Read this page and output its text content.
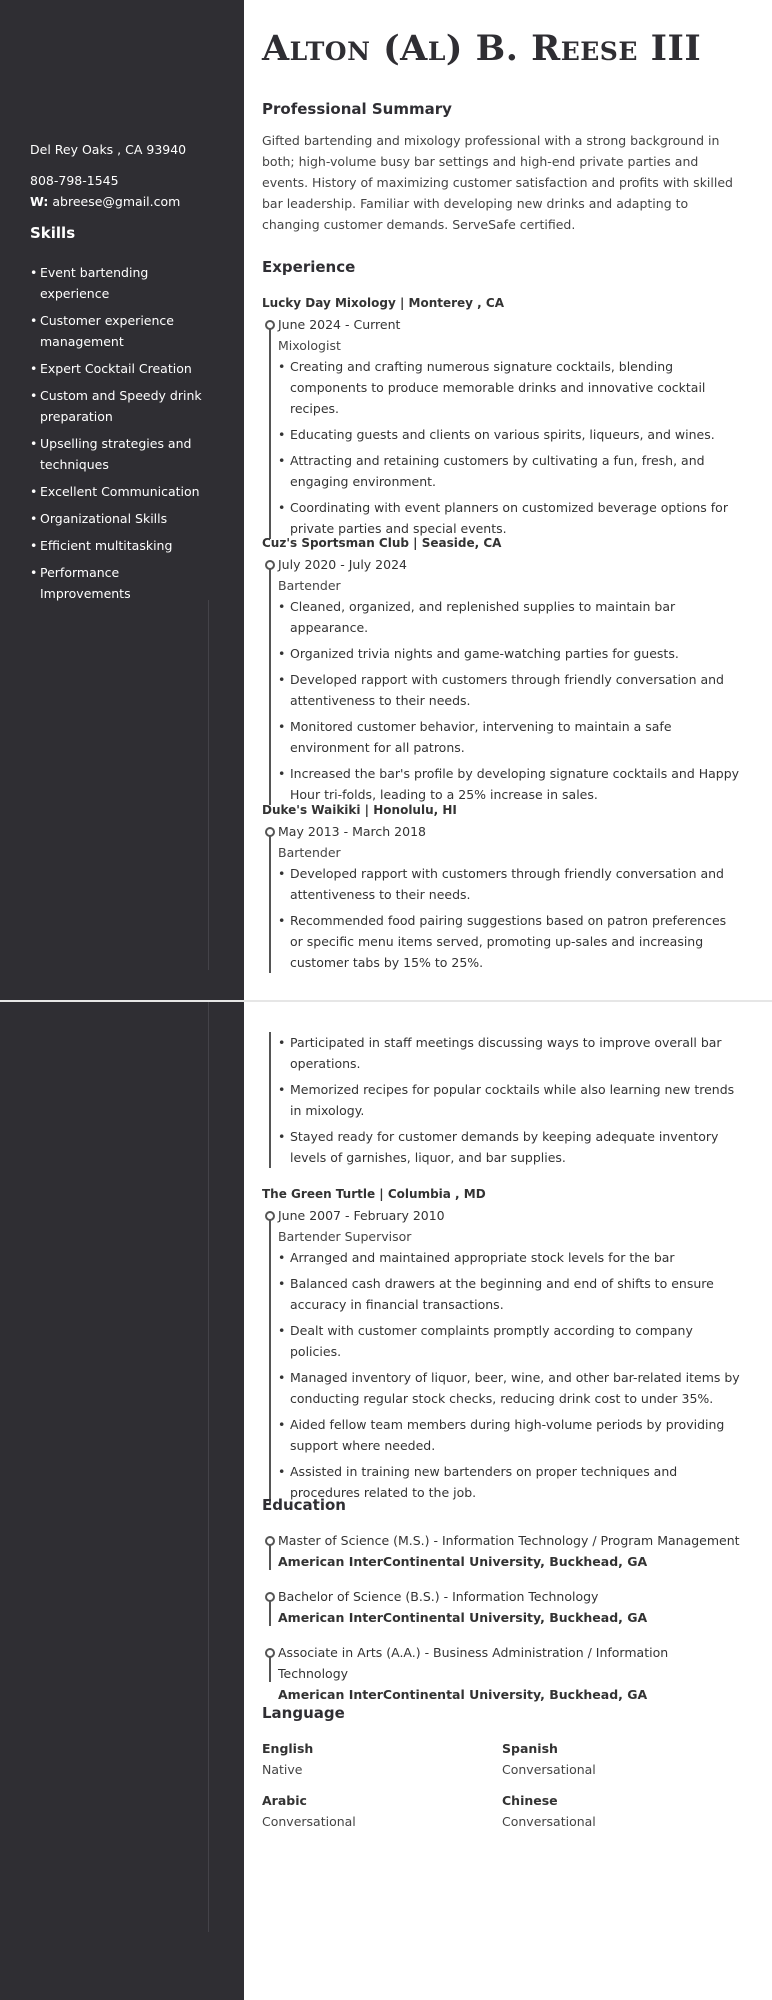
Del Rey Oaks , CA 93940
808-798-1545
W: abreese@gmail.com
Skills
• Event bartending experience
• Customer experience management
• Expert Cocktail Creation
• Custom and Speedy drink preparation
• Upselling strategies and techniques
• Excellent Communication
• Organizational Skills
• Efficient multitasking
• Performance Improvements
Alton (Al) B. Reese III
Professional Summary

Gifted bartending and mixology professional with a strong background in both; high-volume busy bar settings and high-end private parties and events. History of maximizing customer satisfaction and profits with skilled bar leadership. Familiar with developing new drinks and adapting to changing customer demands. ServeSafe certified.

Experience
Lucky Day Mixology | Monterey , CA
June 2024 - Current
Mixologist
• Creating and crafting numerous signature cocktails, blending components to produce memorable drinks and innovative cocktail recipes.
• Educating guests and clients on various spirits, liqueurs, and wines.
• Attracting and retaining customers by cultivating a fun, fresh, and engaging environment.
• Coordinating with event planners on customized beverage options for private parties and special events.
Cuz's Sportsman Club | Seaside, CA
July 2020 - July 2024
Bartender
• Cleaned, organized, and replenished supplies to maintain bar appearance.
• Organized trivia nights and game-watching parties for guests.
• Developed rapport with customers through friendly conversation and attentiveness to their needs.
• Monitored customer behavior, intervening to maintain a safe environment for all patrons.
• Increased the bar's profile by developing signature cocktails and Happy Hour tri-folds, leading to a 25% increase in sales.
Duke's Waikiki | Honolulu, HI
May 2013 - March 2018
Bartender
• Developed rapport with customers through friendly conversation and attentiveness to their needs.
• Recommended food pairing suggestions based on patron preferences or specific menu items served, promoting up-sales and increasing customer tabs by 15% to 25%.
• Participated in staff meetings discussing ways to improve overall bar operations.
• Memorized recipes for popular cocktails while also learning new trends in mixology.
• Stayed ready for customer demands by keeping adequate inventory levels of garnishes, liquor, and bar supplies.
The Green Turtle | Columbia , MD
June 2007 - February 2010
Bartender Supervisor
• Arranged and maintained appropriate stock levels for the bar
• Balanced cash drawers at the beginning and end of shifts to ensure accuracy in financial transactions.
• Dealt with customer complaints promptly according to company policies.
• Managed inventory of liquor, beer, wine, and other bar-related items by conducting regular stock checks, reducing drink cost to under 35%.
• Aided fellow team members during high-volume periods by providing support where needed.
• Assisted in training new bartenders on proper techniques and procedures related to the job.
Education
Master of Science (M.S.) - Information Technology / Program Management
American InterContinental University, Buckhead, GA
Bachelor of Science (B.S.) - Information Technology
American InterContinental University, Buckhead, GA
Associate in Arts (A.A.) - Business Administration / Information Technology
American InterContinental University, Buckhead, GA
Language
English
Native
Spanish
Conversational
Arabic
Conversational
Chinese
Conversational
